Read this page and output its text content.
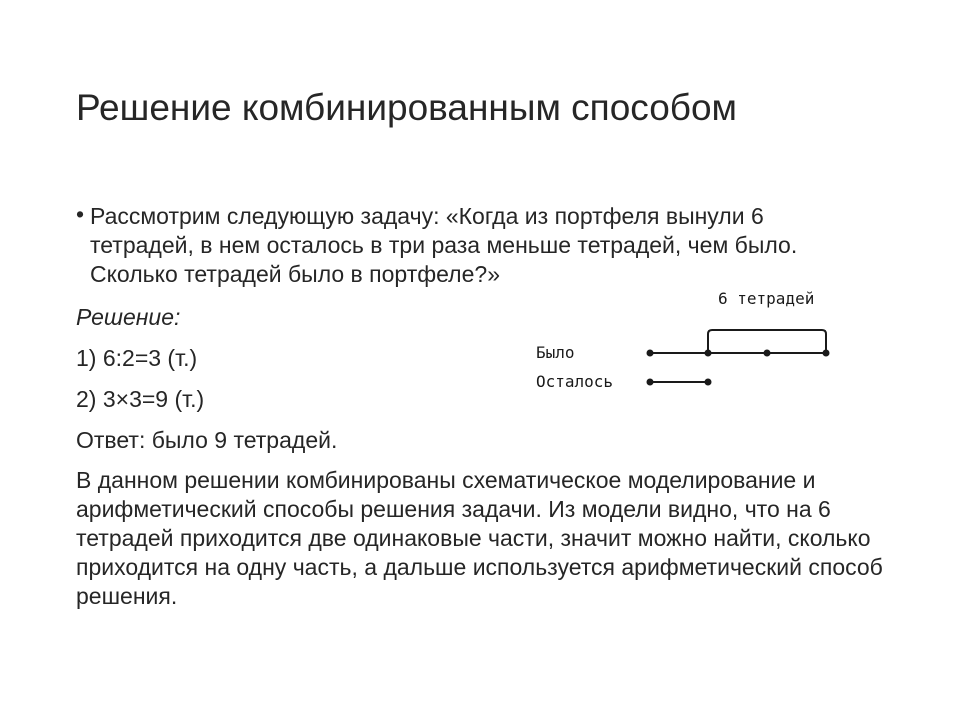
Решение комбинированным способом
• Рассмотрим следующую задачу: «Когда из портфеля вынули 6 тетрадей, в нем осталось в три раза меньше тетрадей, чем было. Сколько тетрадей было в портфеле?»
Решение:
1) 6:2=3 (т.)
2) 3×3=9 (т.)
Ответ: было 9 тетрадей.
В данном решении комбинированы схематическое моделирование и арифметический способы решения задачи. Из модели видно, что на 6 тетрадей приходится две одинаковые части, значит можно найти, сколько приходится на одну часть, а дальше используется арифметический способ решения.
6 тетрадей
Было
Осталось
